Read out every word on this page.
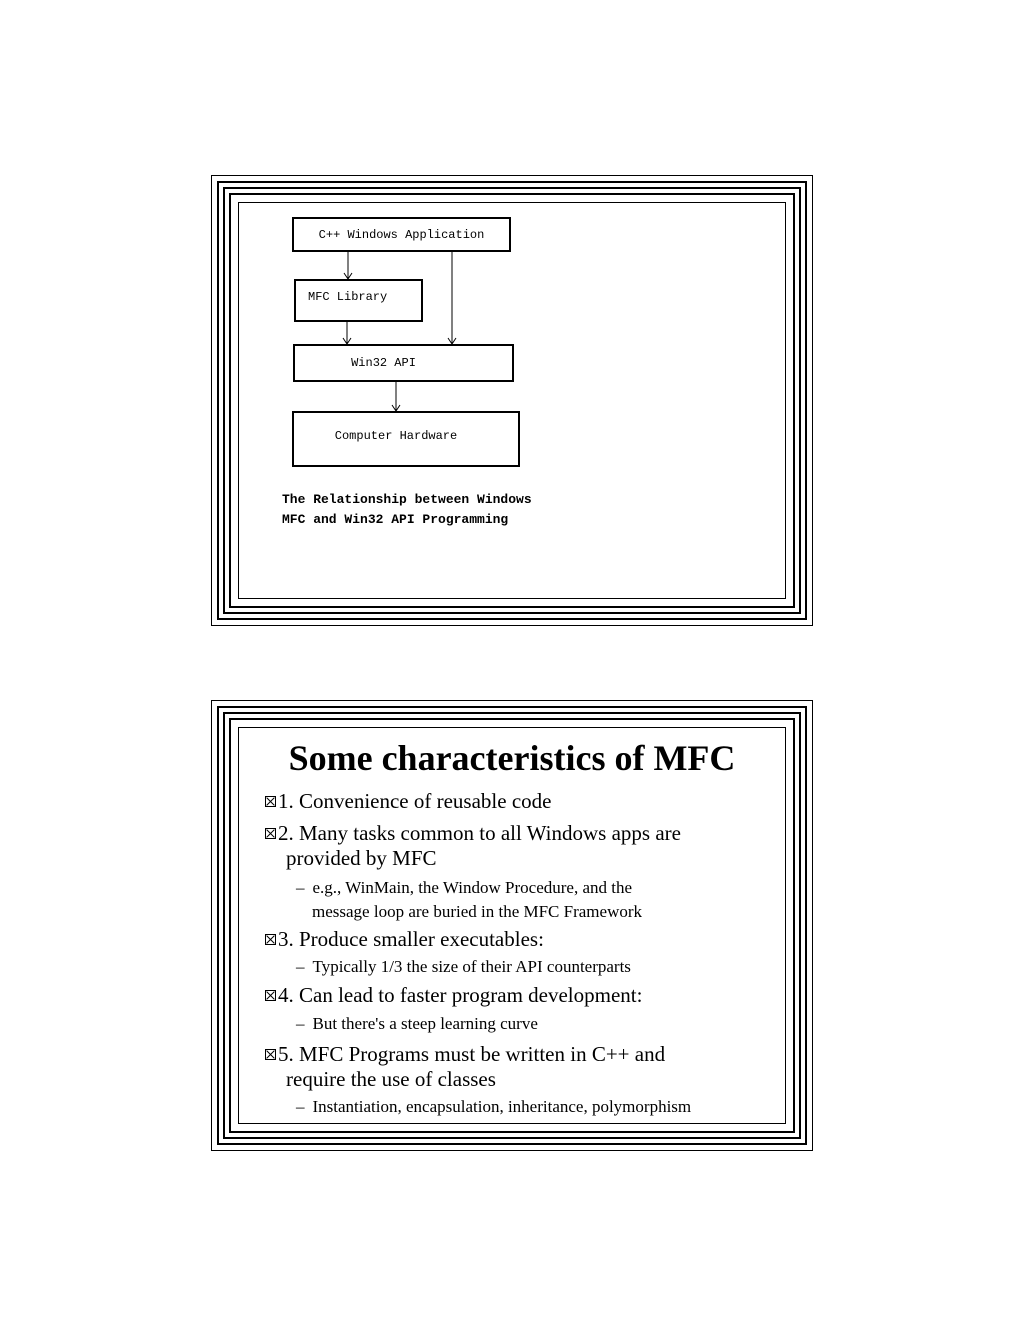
C++ Windows Application
MFC Library
Win32 API
Computer Hardware
The Relationship between Windows
MFC and Win32 API Programming
Some characteristics of MFC
1. Convenience of reusable code
2. Many tasks common to all Windows apps are
provided by MFC
– e.g., WinMain, the Window Procedure, and the
message loop are buried in the MFC Framework
3. Produce smaller executables:
– Typically 1/3 the size of their API counterparts
4. Can lead to faster program development:
– But there's a steep learning curve
5. MFC Programs must be written in C++ and
require the use of classes
– Instantiation, encapsulation, inheritance, polymorphism
